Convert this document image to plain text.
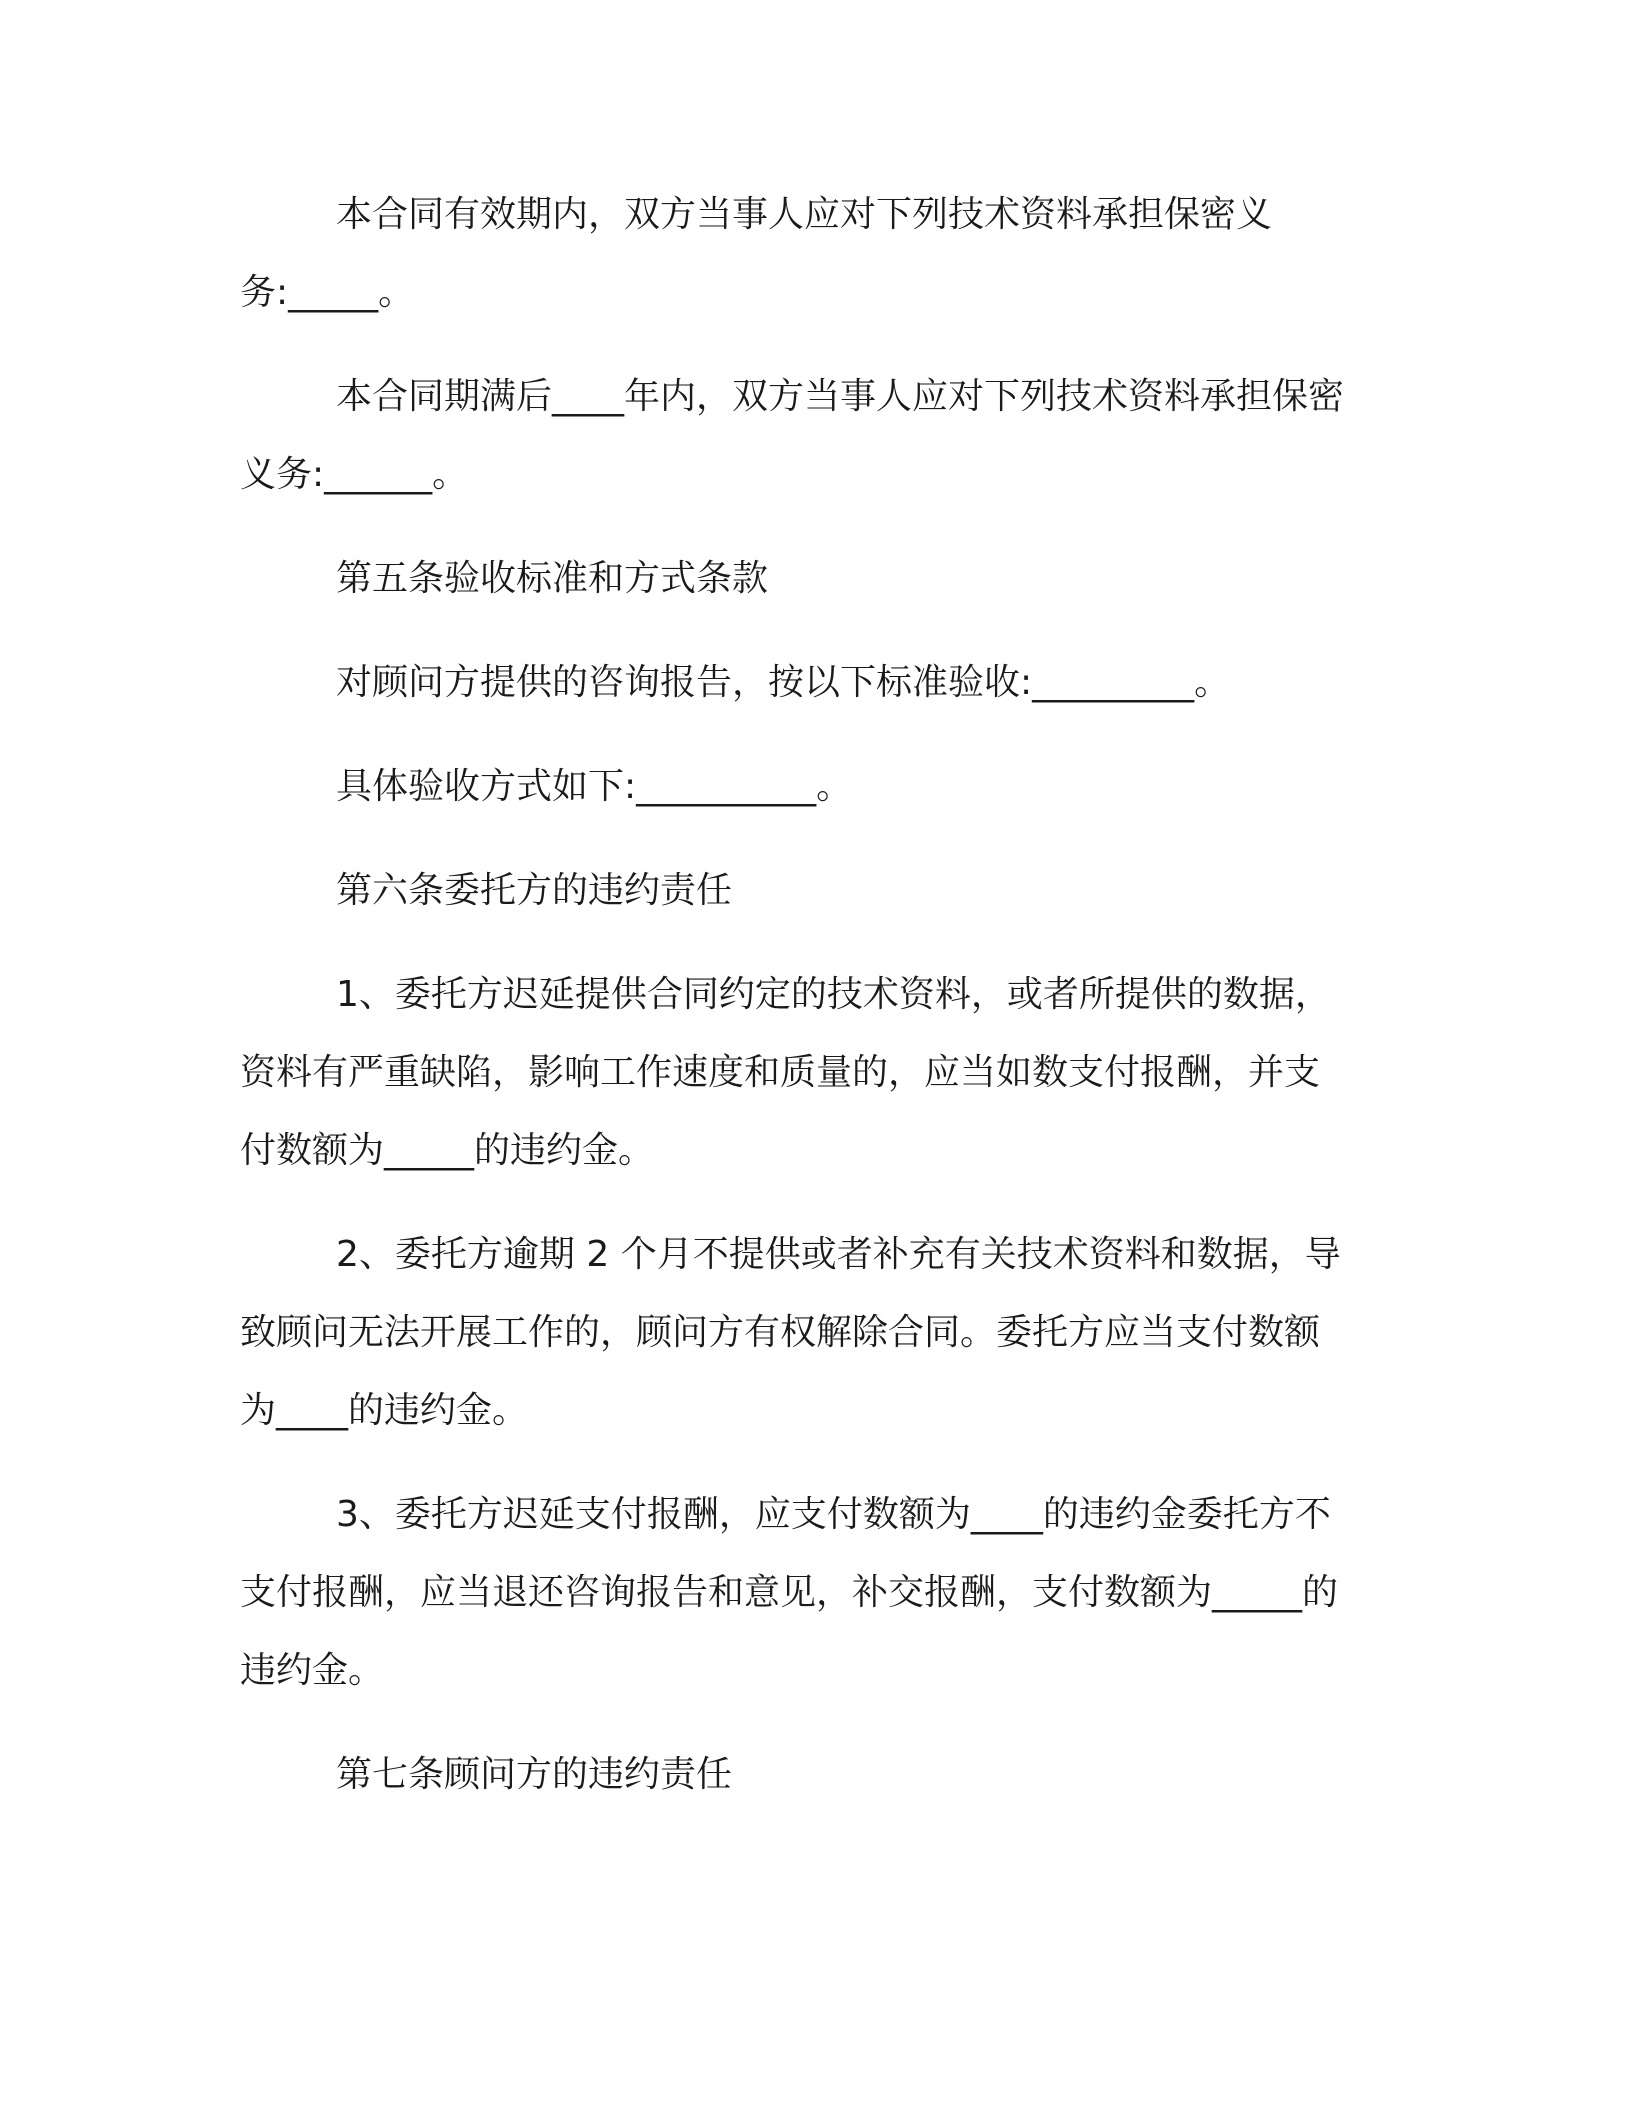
本合同有效期内，双方当事人应对下列技术资料承担保密义

务:_____。

本合同期满后____年内，双方当事人应对下列技术资料承担保密

义务:______。

第五条验收标准和方式条款

对顾问方提供的咨询报告，按以下标准验收:_________。

具体验收方式如下:__________。

第六条委托方的违约责任

1、委托方迟延提供合同约定的技术资料，或者所提供的数据，

资料有严重缺陷，影响工作速度和质量的，应当如数支付报酬，并支

付数额为_____的违约金。

2、委托方逾期 2 个月不提供或者补充有关技术资料和数据，导

致顾问无法开展工作的，顾问方有权解除合同。委托方应当支付数额

为____的违约金。

3、委托方迟延支付报酬，应支付数额为____的违约金委托方不

支付报酬，应当退还咨询报告和意见，补交报酬，支付数额为_____的

违约金。

第七条顾问方的违约责任
